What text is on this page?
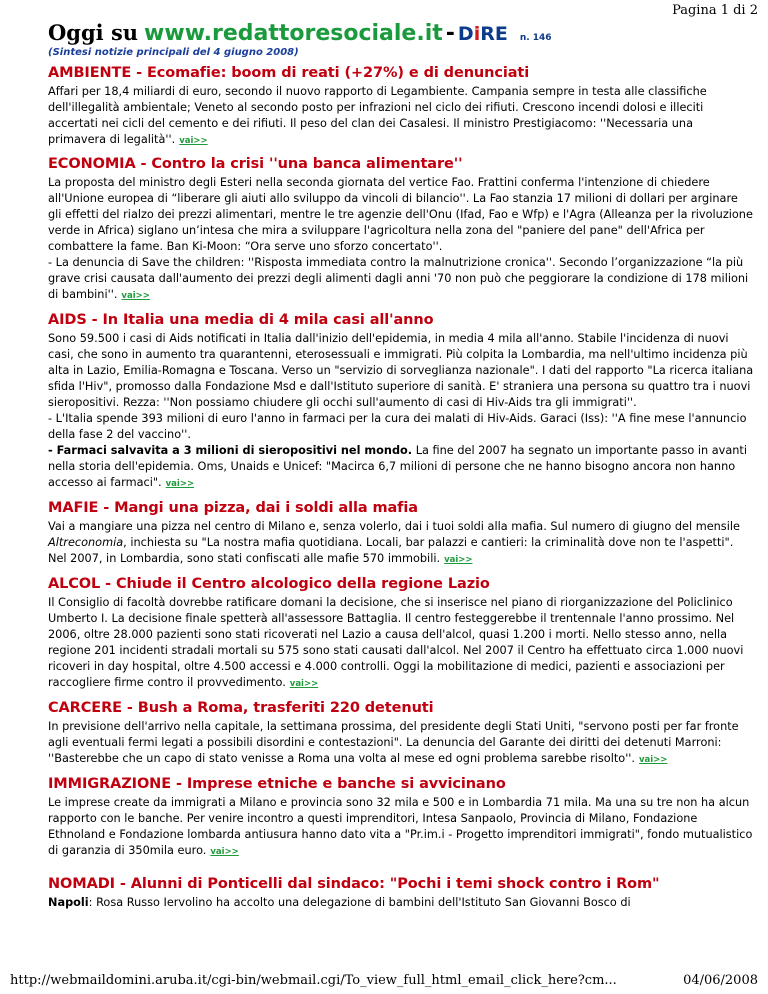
Pagina 1 di 2
Oggi su www.redattoresociale.it - DiRE n. 146
(Sintesi notizie principali del 4 giugno 2008)
AMBIENTE - Ecomafie: boom di reati (+27%) e di denunciati
Affari per 18,4 miliardi di euro, secondo il nuovo rapporto di Legambiente. Campania sempre in testa alle classifiche dell'illegalità ambientale; Veneto al secondo posto per infrazioni nel ciclo dei rifiuti. Crescono incendi dolosi e illeciti accertati nei cicli del cemento e dei rifiuti. Il peso del clan dei Casalesi. Il ministro Prestigiacomo: ''Necessaria una primavera di legalità''. vai>>
ECONOMIA - Contro la crisi ''una banca alimentare''

La proposta del ministro degli Esteri nella seconda giornata del vertice Fao. Frattini conferma l'intenzione di chiedere all'Unione europea di “liberare gli aiuti allo sviluppo da vincoli di bilancio''. La Fao stanzia 17 milioni di dollari per arginare gli effetti del rialzo dei prezzi alimentari, mentre le tre agenzie dell'Onu (Ifad, Fao e Wfp) e l'Agra (Alleanza per la rivoluzione verde in Africa) siglano un’intesa che mira a sviluppare l'agricoltura nella zona del "paniere del pane" dell'Africa per combattere la fame. Ban Ki-Moon: “Ora serve uno sforzo concertato''.

- La denuncia di Save the children: ''Risposta immediata contro la malnutrizione cronica''. Secondo l’organizzazione “la più grave crisi causata dall'aumento dei prezzi degli alimenti dagli anni '70 non può che peggiorare la condizione di 178 milioni di bambini''. vai>>

AIDS - In Italia una media di 4 mila casi all'anno

Sono 59.500 i casi di Aids notificati in Italia dall'inizio dell'epidemia, in media 4 mila all'anno. Stabile l'incidenza di nuovi casi, che sono in aumento tra quarantenni, eterosessuali e immigrati. Più colpita la Lombardia, ma nell'ultimo incidenza più alta in Lazio, Emilia-Romagna e Toscana. Verso un "servizio di sorveglianza nazionale". I dati del rapporto "La ricerca italiana sfida l'Hiv", promosso dalla Fondazione Msd e dall'Istituto superiore di sanità. E' straniera una persona su quattro tra i nuovi sieropositivi. Rezza: ''Non possiamo chiudere gli occhi sull'aumento di casi di Hiv-Aids tra gli immigrati''.

- L'Italia spende 393 milioni di euro l'anno in farmaci per la cura dei malati di Hiv-Aids. Garaci (Iss): ''A fine mese l'annuncio della fase 2 del vaccino''.

- Farmaci salvavita a 3 milioni di sieropositivi nel mondo. La fine del 2007 ha segnato un importante passo in avanti nella storia dell'epidemia. Oms, Unaids e Unicef: "Macirca 6,7 milioni di persone che ne hanno bisogno ancora non hanno accesso ai farmaci". vai>>

MAFIE - Mangi una pizza, dai i soldi alla mafia
Vai a mangiare una pizza nel centro di Milano e, senza volerlo, dai i tuoi soldi alla mafia. Sul numero di giugno del mensile Altreconomia, inchiesta su "La nostra mafia quotidiana. Locali, bar palazzi e cantieri: la criminalità dove non te l'aspetti". Nel 2007, in Lombardia, sono stati confiscati alle mafie 570 immobili. vai>>
ALCOL - Chiude il Centro alcologico della regione Lazio
Il Consiglio di facoltà dovrebbe ratificare domani la decisione, che si inserisce nel piano di riorganizzazione del Policlinico Umberto I. La decisione finale spetterà all'assessore Battaglia. Il centro festeggerebbe il trentennale l'anno prossimo. Nel 2006, oltre 28.000 pazienti sono stati ricoverati nel Lazio a causa dell'alcol, quasi 1.200 i morti. Nello stesso anno, nella regione 201 incidenti stradali mortali su 575 sono stati causati dall'alcol. Nel 2007 il Centro ha effettuato circa 1.000 nuovi ricoveri in day hospital, oltre 4.500 accessi e 4.000 controlli. Oggi la mobilitazione di medici, pazienti e associazioni per raccogliere firme contro il provvedimento. vai>>
CARCERE - Bush a Roma, trasferiti 220 detenuti
In previsione dell'arrivo nella capitale, la settimana prossima, del presidente degli Stati Uniti, "servono posti per far fronte agli eventuali fermi legati a possibili disordini e contestazioni". La denuncia del Garante dei diritti dei detenuti Marroni: ''Basterebbe che un capo di stato venisse a Roma una volta al mese ed ogni problema sarebbe risolto''. vai>>
IMMIGRAZIONE - Imprese etniche e banche si avvicinano
Le imprese create da immigrati a Milano e provincia sono 32 mila e 500 e in Lombardia 71 mila. Ma una su tre non ha alcun rapporto con le banche. Per venire incontro a questi imprenditori, Intesa Sanpaolo, Provincia di Milano, Fondazione Ethnoland e Fondazione lombarda antiusura hanno dato vita a "Pr.im.i - Progetto imprenditori immigrati", fondo mutualistico di garanzia di 350mila euro. vai>>
NOMADI - Alunni di Ponticelli dal sindaco: "Pochi i temi shock contro i Rom"
Napoli: Rosa Russo Iervolino ha accolto una delegazione di bambini dell'Istituto San Giovanni Bosco di
http://webmaildomini.aruba.it/cgi-bin/webmail.cgi/To_view_full_html_email_click_here?cm...	04/06/2008
